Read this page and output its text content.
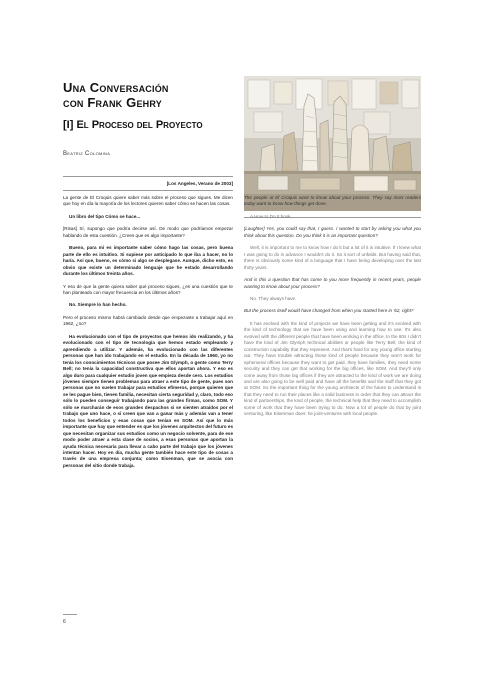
Una Conversación
con Frank Gehry
[I] El Proceso del Proyecto
Beatriz Colomina
[Los Angeles, Verano de 2003]

La gente de El Croquis quiere saber más sobre el proceso que sigues. Me dicen que hoy en día la mayoría de los lectores quieren saber cómo se hacen las cosas.

Un libro del tipo Cómo se hace...

[Risas] Sí, supongo que podría decirse así. De modo que podríamos empezar hablando de esta cuestión. ¿Crees que es algo importante?

Bueno, para mí es importante saber cómo hago las cosas, pero buena parte de ello es intuitivo. Si supiese por anticipado lo que iba a hacer, no lo haría. Así que, bueno, es cómo si algo se desplegase. Aunque, dicho esto, es obvio que existe un determinado lenguaje que he estado desarrollando durante los últimos treinta años.

Y eso de que la gente quiera saber qué proceso sigues, ¿es una cuestión que te han planteado con mayor frecuencia en los últimos años?

No. Siempre lo han hecho.

Pero el proceso mismo habrá cambiado desde que empezaste a trabajar aquí en 1962, ¿no?

Ha evolucionado con el tipo de proyectos que hemos ido realizando, y ha evolucionado con el tipo de tecnología que hemos estado empleando y aprendiendo a utilizar. Y además, ha evolucionado con las diferentes personas que han ido trabajando en el estudio. En la década de 1960, yo no tenía los conocimientos técnicos que posee Jim Glymph, o gente como Terry Bell; no tenía la capacidad constructiva que ellos aportan ahora. Y eso es algo duro para cualquier estudio joven que empieza desde cero. Los estudios jóvenes siempre tienen problemas para atraer a este tipo de gente, pues son personas que no suelen trabajar para estudios efímeros, porque quieren que se les pague bien, tienen familia, necesitan cierta seguridad y, claro, todo eso sólo lo pueden conseguir trabajando para las grandes firmas, como SOM. Y sólo se marcharán de esos grandes despachos si se sienten atraídos por el trabajo que uno hace, o si creen que van a ganar más y además van a tener todos los beneficios y esas cosas que tenían en SOM. Así que lo más importante que hay que entender es que los jóvenes arquitectos del futuro es que necesitan organizar sus estudios como un negocio solvente, para de ese modo poder atraer a esta clase de socios, a esas personas que aportan la ayuda técnica necesaria para llevar a cabo parte del trabajo que los jóvenes intentan hacer. Hoy en día, mucha gente también hace este tipo de cosas a través de una empresa conjunta; como Eisenman, que se asocia con personas del sitio donde trabaja.

The people at El Croquis want to know about your process. They say most readers today want to know how things get done.

A How to Do It book.

[Laughter] Yes, you could say that, I guess. I wanted to start by asking you what you think about this question. Do you think it is an important question?

Well, it is important to me to know how I do it but a lot of it is intuitive. If I knew what I was going to do in advance I wouldn't do it. So it sort of unfolds. But having said that, there is obviously some kind of a language that I have being developing over the last thirty years.

And is this a question that has come to you more frequently in recent years, people wanting to know about your process?

No. They always have.

But the process itself would have changed from when you started here in '62, right?

It has evolved with the kind of projects we have been getting and it's evolved with the kind of technology that we have been using and learning how to use. It's also evolved with the different people that have been working in the office. In the 60s I didn't have the kind of Jim Glymph technical abilities or people like Terry Bell, the kind of construction capability that they represent. And that's hard for any young office starting out. They have trouble attracting those kind of people because they won't work for ephemeral offices because they want to get paid, they have families, they need some security and they can get that working for the big offices, like SOM. And they'll only come away from those big offices if they are attracted to the kind of work we are doing and are also going to be well paid and have all the benefits and the stuff that they got at SOM. So the important thing for the young architects of the future to understand is that they need to run their places like a solid business in order that they can attract the kind of partnerships, the kind of people, the technical help that they need to accomplish some of work that they have been trying to do. Now a lot of people do that by joint venturing, like Eisenman does: he joint-ventures with local people.

6
